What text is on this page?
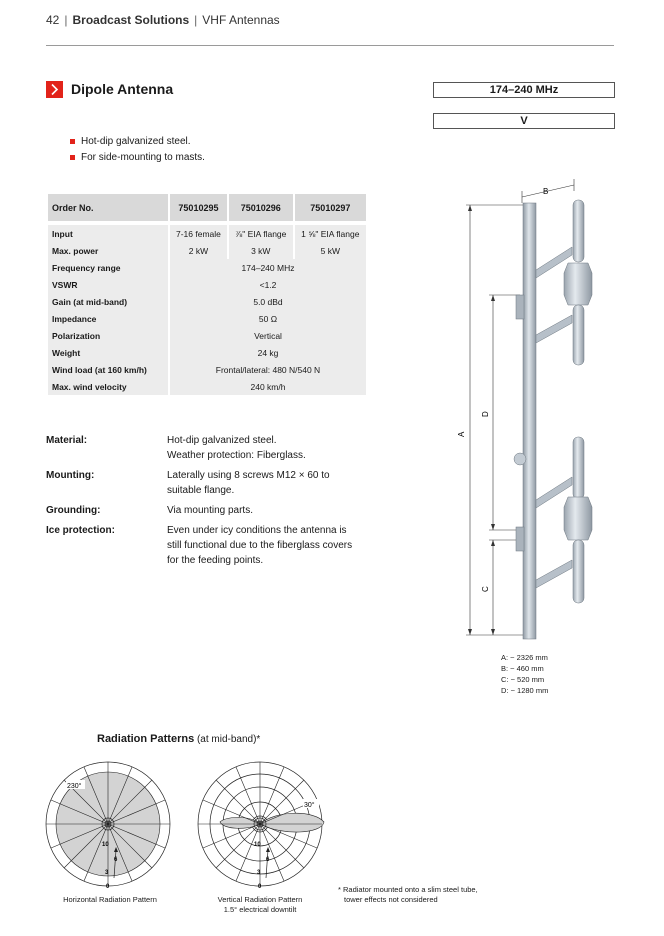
42 | Broadcast Solutions | VHF Antennas
Dipole Antenna	174–240 MHz
V
Hot-dip galvanized steel.
For side-mounting to masts.
Order No.	75010295	75010296	75010297

Input	7-16 female	⅞" EIA flange	1 ⅝" EIA flange
Max. power	2 kW	3 kW	5 kW
Frequency range	174–240 MHz		
VSWR	<1.2		
Gain (at mid-band)	5.0 dBd		
Impedance	50 Ω		
Polarization	Vertical		
Weight	24 kg		
Wind load (at 160 km/h)	Frontal/lateral: 480 N/540 N		
Max. wind velocity	240 km/h		
Material:	Hot-dip galvanized steel.
Weather protection: Fiberglass.
Mounting:	Laterally using 8 screws M12 × 60 to
suitable flange.
Grounding:	Via mounting parts.
Ice protection:	Even under icy conditions the antenna is
still functional due to the fiberglass covers
for the feeding points.
A
D
C
B
A: ~ 2326 mm
B: ~ 460 mm
C: ~ 520 mm
D: ~ 1280 mm
Radiation Patterns (at mid-band)*
230°
10
6
3
0
Horizontal Radiation Pattern
30°
10
6
3
0
Vertical Radiation Pattern
1.5° electrical downtilt
* Radiator mounted onto a slim steel tube,
tower effects not considered
